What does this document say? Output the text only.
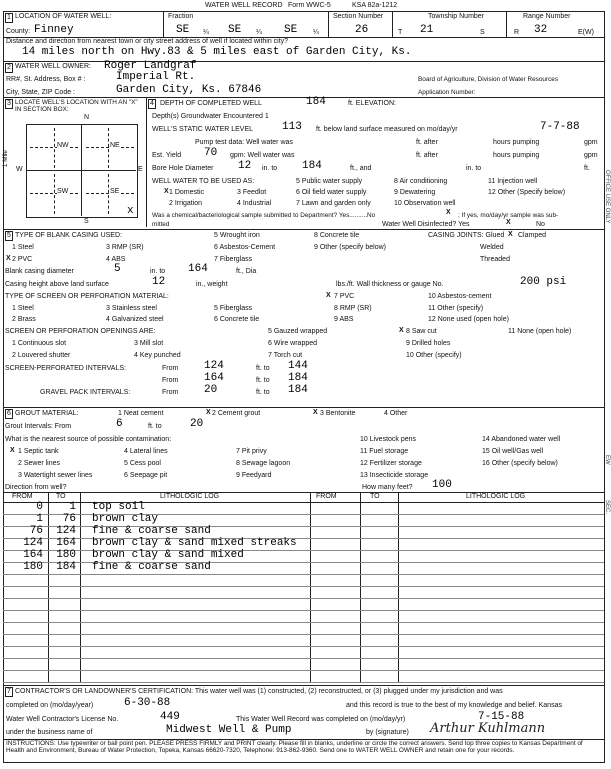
WATER WELL RECORD Form WWC-5	KSA 82a-1212
1 LOCATION OF WATER WELL:	Fraction	Section Number	Township Number	Range Number
County: Finney	SE ¼ SE ¼ SE ¼	26	T 21	S	R 32	E(W)
Distance and direction from nearest town or city street address of well if located within city?
14 miles north on Hwy.83 & 5 miles east of Garden City, Ks.
2 WATER WELL OWNER: Roger Landgraf
RR#, St. Address, Box # :	Imperial Rt.	Board of Agriculture, Division of Water Resources
City, State, ZIP Code :	Garden City, Ks. 67846	Application Number:
3 LOCATE WELL'S LOCATION WITH AN "X" IN SECTION BOX:
N
S
W	E
1 Mile
NW	NE
SW	SE
x
4 DEPTH OF COMPLETED WELL	184	ft. ELEVATION:
Depth(s) Groundwater Encountered 1
WELL'S STATIC WATER LEVEL	113 ft. below land surface measured on mo/day/yr	7-7-88
Pump test data: Well water was	ft. after	hours pumping	gpm
Est. Yield 70 gpm: Well water was	ft. after	hours pumping	gpm
Bore Hole Diameter 12 in. to 184	ft., and	in. to	ft.
WELL WATER TO BE USED AS:
1 Domestic
X	3 Feedlot
5 Public water supply	8 Air conditioning	11 Injection well
2 Irrigation	4 Industrial	7 Lawn and garden only	10 Observation well
6 Oil field water supply	9 Dewatering	12 Other (Specify below)
Was a chemical/bacteriological sample submitted to Department? Yes..........No	X ; If yes, mo/day/yr sample was sub-
mitted	Water Well Disinfected? Yes	X	No
5 TYPE OF BLANK CASING USED:
1 Steel
2 PVC
X
3 RMP (SR)
4 ABS
5 Wrought iron
6 Asbestos-Cement
7 Fiberglass
8 Concrete tile
9 Other (specify below)
CASING JOINTS: Glued X Clamped
Welded
Threaded
Blank casing diameter	5	in. to 164	ft., Dia
Casing height above land surface	12	in., weight	lbs./ft. Wall thickness or gauge No.	200 psi
TYPE OF SCREEN OR PERFORATION MATERIAL:
1 Steel
2 Brass
3 Stainless steel
4 Galvanized steel
5 Fiberglass
6 Concrete tile
7 PVC
X
8 RMP (SR)
9 ABS
10 Asbestos-cement
11 Other (specify)
12 None used (open hole)
SCREEN OR PERFORATION OPENINGS ARE:
1 Continuous slot
2 Louvered shutter
3 Mill slot
4 Key punched
5 Gauzed wrapped
6 Wire wrapped
7 Torch cut
8 Saw cut
X
9 Drilled holes
10 Other (specify)
11 None (open hole)
SCREEN-PERFORATED INTERVALS:	From 124	ft. to 144
From 164	ft. to 184
GRAVEL PACK INTERVALS:	From 20	ft. to 184
6 GROUT MATERIAL:	1 Neat cement	2 Cement grout
X	3 Bentonite
X	4 Other
Grout Intervals: From	6	ft. to	20
What is the nearest source of possible contamination:
1 Septic tank
X
2 Sewer lines
3 Watertight sewer lines
4 Lateral lines
5 Cess pool
6 Seepage pit
7 Pit privy
8 Sewage lagoon
9 Feedyard
10 Livestock pens
11 Fuel storage
12 Fertilizer storage
13 Insecticide storage
14 Abandoned water well
15 Oil well/Gas well
16 Other (specify below)
Direction from well?	How many feet? 100
FROM	TO	LITHOLOGIC LOG	FROM	TO	LITHOLOGIC LOG
0	1 top soil
1	76 brown clay
76	124 fine & coarse sand
124	164 brown clay & sand mixed streaks
164	180 brown clay & sand mixed
180	184 fine & coarse sand
7 CONTRACTOR'S OR LANDOWNER'S CERTIFICATION: This water well was (1) constructed, (2) reconstructed, or (3) plugged under my jurisdiction and was
completed on (mo/day/year)	6-30-88	and this record is true to the best of my knowledge and belief. Kansas
Water Well Contractor's License No.	449	This Water Well Record was completed on (mo/day/yr)	7-15-88
under the business name of	Midwest Well & Pump	by (signature) Arthur Kuhlmann
INSTRUCTIONS: Use typewriter or ball point pen. PLEASE PRESS FIRMLY and PRINT clearly. Please fill in blanks, underline or circle the correct answers. Send top three copies to Kansas Department of Health and Environment, Bureau of Water Protection, Topeka, Kansas 66620-7320, Telephone: 913-862-9360. Send one to WATER WELL OWNER and retain one for your records.
OFFICE USE ONLY
EW
SEC.
